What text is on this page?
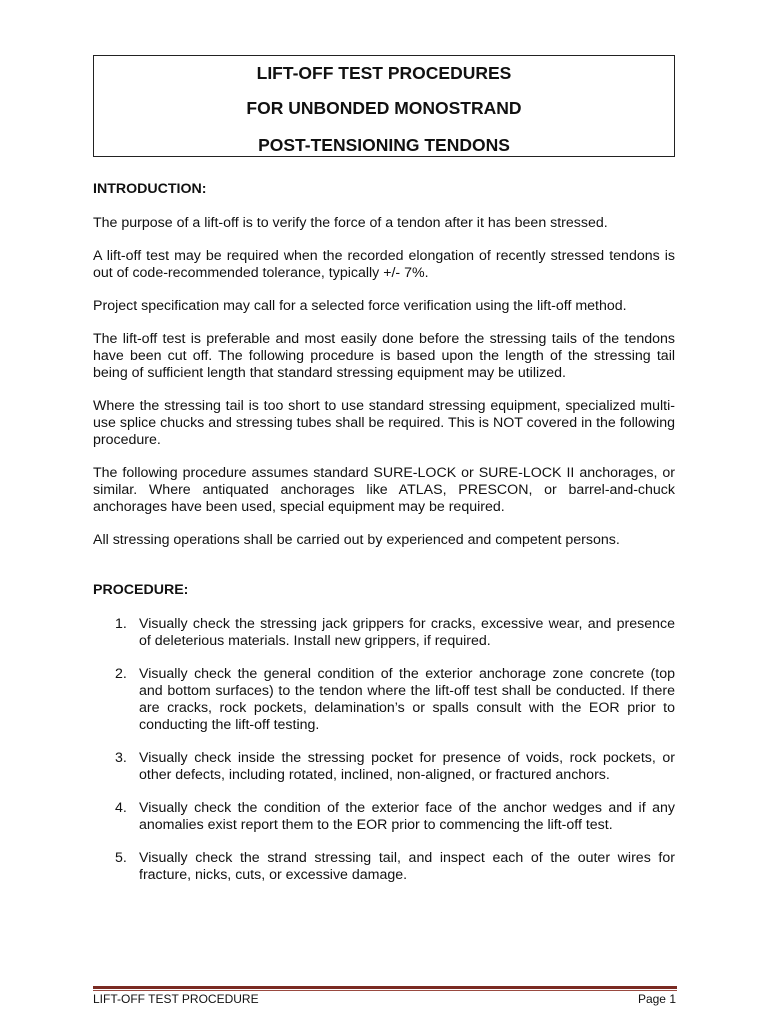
LIFT-OFF TEST PROCEDURES
FOR UNBONDED MONOSTRAND
POST-TENSIONING TENDONS

INTRODUCTION:

The purpose of a lift-off is to verify the force of a tendon after it has been stressed.

A lift-off test may be required when the recorded elongation of recently stressed tendons is out of code-recommended tolerance, typically +/- 7%.

Project specification may call for a selected force verification using the lift-off method.

The lift-off test is preferable and most easily done before the stressing tails of the tendons have been cut off. The following procedure is based upon the length of the stressing tail being of sufficient length that standard stressing equipment may be utilized.

Where the stressing tail is too short to use standard stressing equipment, specialized multi-use splice chucks and stressing tubes shall be required. This is NOT covered in the following procedure.

The following procedure assumes standard SURE-LOCK or SURE-LOCK II anchorages, or similar. Where antiquated anchorages like ATLAS, PRESCON, or barrel-and-chuck anchorages have been used, special equipment may be required.

All stressing operations shall be carried out by experienced and competent persons.

PROCEDURE:

1. Visually check the stressing jack grippers for cracks, excessive wear, and presence of deleterious materials. Install new grippers, if required.
2. Visually check the general condition of the exterior anchorage zone concrete (top and bottom surfaces) to the tendon where the lift-off test shall be conducted. If there are cracks, rock pockets, delamination’s or spalls consult with the EOR prior to conducting the lift-off testing.
3. Visually check inside the stressing pocket for presence of voids, rock pockets, or other defects, including rotated, inclined, non-aligned, or fractured anchors.
4. Visually check the condition of the exterior face of the anchor wedges and if any anomalies exist report them to the EOR prior to commencing the lift-off test.
5. Visually check the strand stressing tail, and inspect each of the outer wires for fracture, nicks, cuts, or excessive damage.
LIFT-OFF TEST PROCEDURE	Page 1
